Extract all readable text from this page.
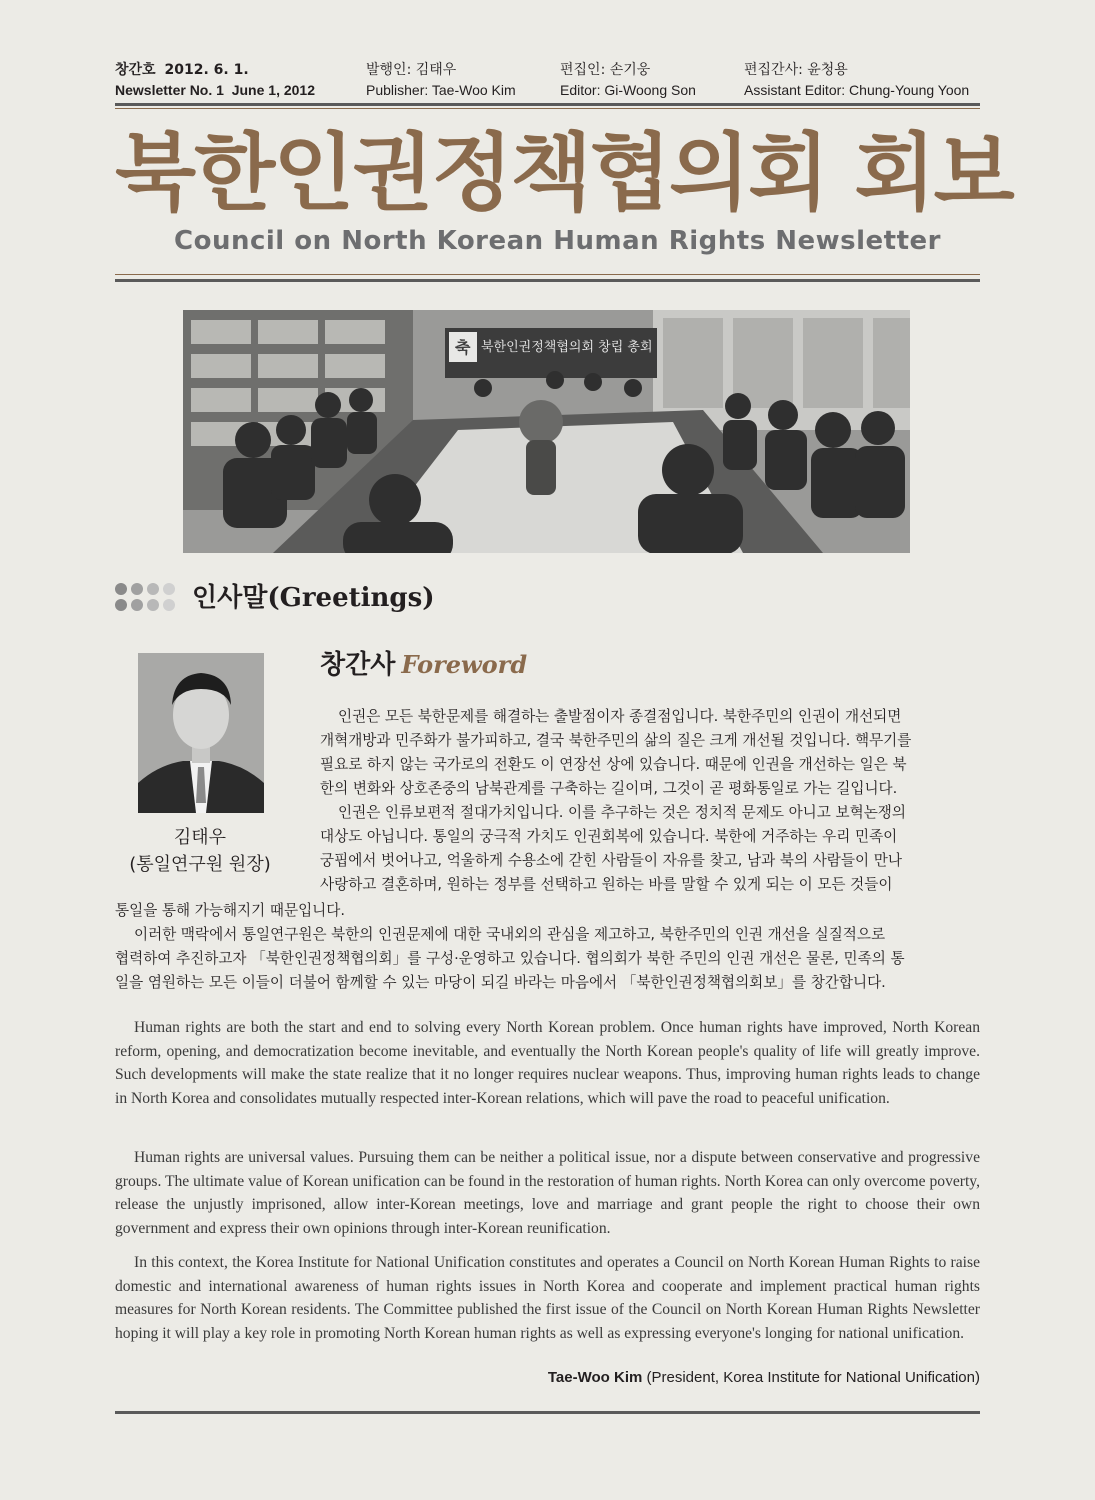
창간호 2012. 6. 1.
Newsletter No. 1 June 1, 2012
발행인: 김태우
Publisher: Tae-Woo Kim
편집인: 손기웅
Editor: Gi-Woong Son
편집간사: 윤청용
Assistant Editor: Chung-Young Yoon
북한인권정책협의회 회보
Council on North Korean Human Rights Newsletter
축 북한인권정책협의회 창립 총회
인사말(Greetings)
김태우
(통일연구원 원장)
창간사 Foreword
인권은 모든 북한문제를 해결하는 출발점이자 종결점입니다. 북한주민의 인권이 개선되면
개혁개방과 민주화가 불가피하고, 결국 북한주민의 삶의 질은 크게 개선될 것입니다. 핵무기를
필요로 하지 않는 국가로의 전환도 이 연장선 상에 있습니다. 때문에 인권을 개선하는 일은 북
한의 변화와 상호존중의 남북관계를 구축하는 길이며, 그것이 곧 평화통일로 가는 길입니다.
인권은 인류보편적 절대가치입니다. 이를 추구하는 것은 정치적 문제도 아니고 보혁논쟁의
대상도 아닙니다. 통일의 궁극적 가치도 인권회복에 있습니다. 북한에 거주하는 우리 민족이
궁핍에서 벗어나고, 억울하게 수용소에 갇힌 사람들이 자유를 찾고, 남과 북의 사람들이 만나
사랑하고 결혼하며, 원하는 정부를 선택하고 원하는 바를 말할 수 있게 되는 이 모든 것들이
통일을 통해 가능해지기 때문입니다.
이러한 맥락에서 통일연구원은 북한의 인권문제에 대한 국내외의 관심을 제고하고, 북한주민의 인권 개선을 실질적으로
협력하여 추진하고자 「북한인권정책협의회」를 구성·운영하고 있습니다. 협의회가 북한 주민의 인권 개선은 물론, 민족의 통
일을 염원하는 모든 이들이 더불어 함께할 수 있는 마당이 되길 바라는 마음에서 「북한인권정책협의회보」를 창간합니다.

Human rights are both the start and end to solving every North Korean problem. Once human rights have improved, North Korean reform, opening, and democratization become inevitable, and eventually the North Korean people's quality of life will greatly improve. Such developments will make the state realize that it no longer requires nuclear weapons. Thus, improving human rights leads to change in North Korea and consolidates mutually respected inter-Korean relations, which will pave the road to peaceful unification.

Human rights are universal values. Pursuing them can be neither a political issue, nor a dispute between conservative and progressive groups. The ultimate value of Korean unification can be found in the restoration of human rights. North Korea can only overcome poverty, release the unjustly imprisoned, allow inter-Korean meetings, love and marriage and grant people the right to choose their own government and express their own opinions through inter-Korean reunification.

In this context, the Korea Institute for National Unification constitutes and operates a Council on North Korean Human Rights to raise domestic and international awareness of human rights issues in North Korea and cooperate and implement practical human rights measures for North Korean residents. The Committee published the first issue of the Council on North Korean Human Rights Newsletter hoping it will play a key role in promoting North Korean human rights as well as expressing everyone's longing for national unification.

Tae-Woo Kim (President, Korea Institute for National Unification)
